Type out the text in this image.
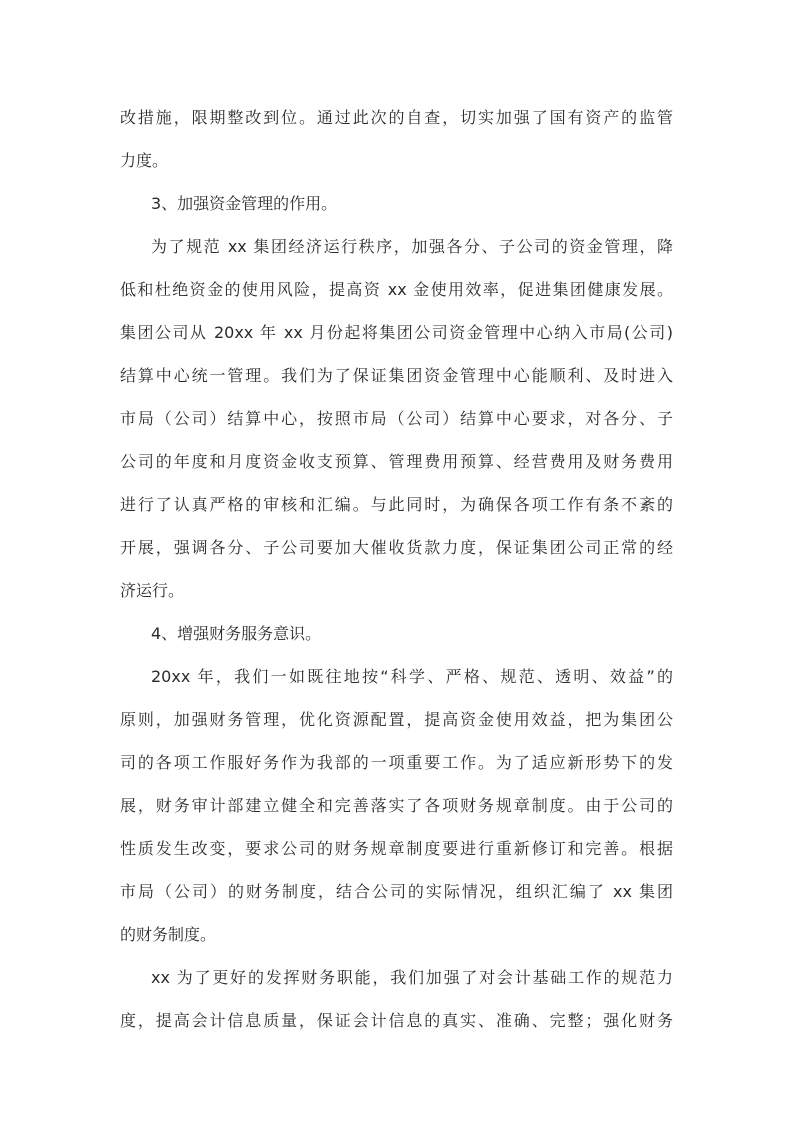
改措施，限期整改到位。通过此次的自查，切实加强了国有资产的监管
力度。
3、加强资金管理的作用。
为了规范 xx 集团经济运行秩序，加强各分、子公司的资金管理，降
低和杜绝资金的使用风险，提高资 xx 金使用效率，促进集团健康发展。
集团公司从 20xx 年 xx 月份起将集团公司资金管理中心纳入市局(公司)
结算中心统一管理。我们为了保证集团资金管理中心能顺利、及时进入
市局（公司）结算中心，按照市局（公司）结算中心要求，对各分、子
公司的年度和月度资金收支预算、管理费用预算、经营费用及财务费用
进行了认真严格的审核和汇编。与此同时，为确保各项工作有条不紊的
开展，强调各分、子公司要加大催收货款力度，保证集团公司正常的经
济运行。
4、增强财务服务意识。
20xx 年，我们一如既往地按“科学、严格、规范、透明、效益”的
原则，加强财务管理，优化资源配置，提高资金使用效益，把为集团公
司的各项工作服好务作为我部的一项重要工作。为了适应新形势下的发
展，财务审计部建立健全和完善落实了各项财务规章制度。由于公司的
性质发生改变，要求公司的财务规章制度要进行重新修订和完善。根据
市局（公司）的财务制度，结合公司的实际情况，组织汇编了 xx 集团
的财务制度。
xx 为了更好的发挥财务职能，我们加强了对会计基础工作的规范力
度，提高会计信息质量，保证会计信息的真实、准确、完整；强化财务
